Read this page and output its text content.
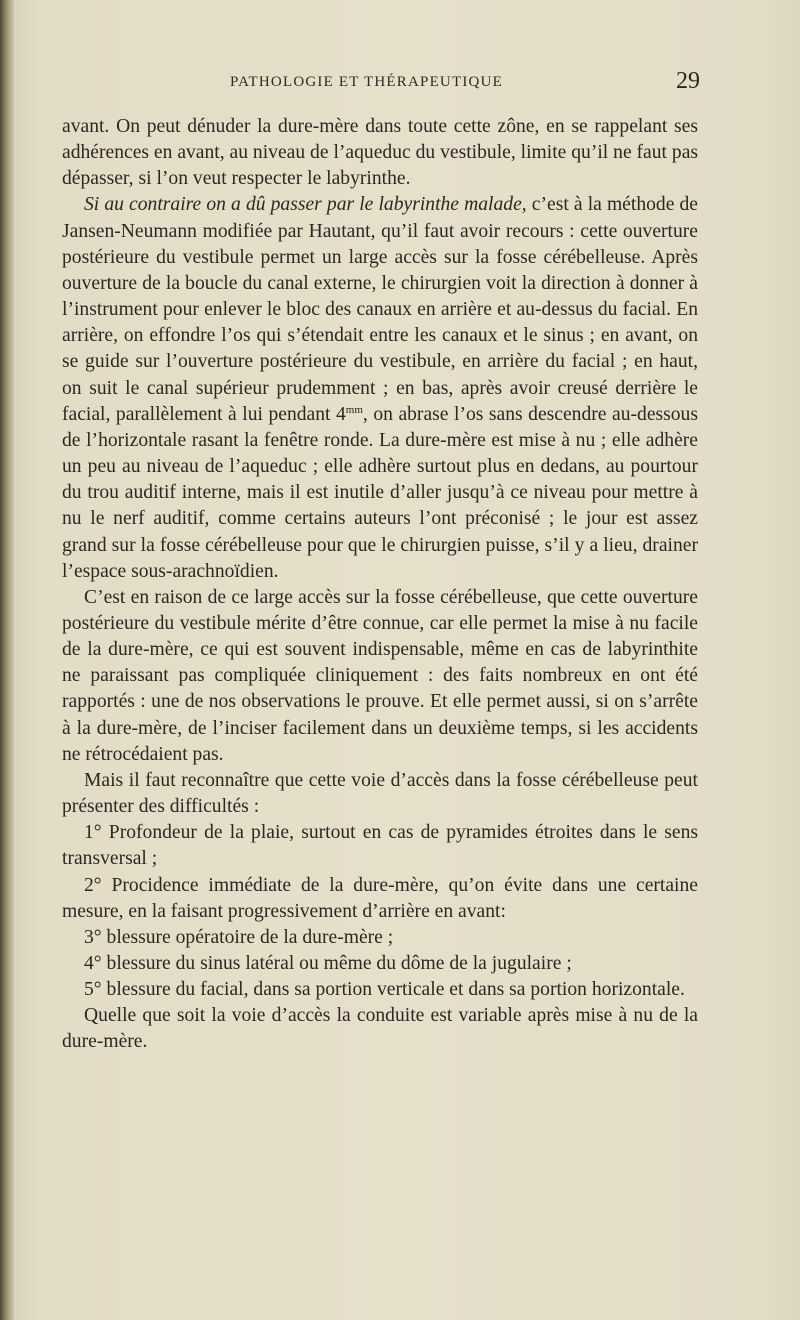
PATHOLOGIE ET THÉRAPEUTIQUE	29

avant. On peut dénuder la dure-mère dans toute cette zône, en se rappelant ses adhérences en avant, au niveau de l’aqueduc du vestibule, limite qu’il ne faut pas dépasser, si l’on veut respecter le labyrinthe.

Si au contraire on a dû passer par le labyrinthe malade, c’est à la méthode de Jansen-Neumann modifiée par Hautant, qu’il faut avoir recours : cette ouverture postérieure du vestibule permet un large accès sur la fosse cérébelleuse. Après ouverture de la boucle du canal externe, le chirurgien voit la direction à donner à l’instrument pour enlever le bloc des canaux en arrière et au-dessus du facial. En arrière, on effondre l’os qui s’étendait entre les canaux et le sinus ; en avant, on se guide sur l’ouverture postérieure du vestibule, en arrière du facial ; en haut, on suit le canal supérieur prudemment ; en bas, après avoir creusé derrière le facial, parallèlement à lui pendant $4^{mm}$, on abrase l’os sans descendre au-dessous de l’horizontale rasant la fenêtre ronde. La dure-mère est mise à nu ; elle adhère un peu au niveau de l’aqueduc ; elle adhère surtout plus en dedans, au pourtour du trou auditif interne, mais il est inutile d’aller jusqu’à ce niveau pour mettre à nu le nerf auditif, comme certains auteurs l’ont préconisé ; le jour est assez grand sur la fosse cérébelleuse pour que le chirurgien puisse, s’il y a lieu, drainer l’espace sous-arachnoïdien.

C’est en raison de ce large accès sur la fosse cérébelleuse, que cette ouverture postérieure du vestibule mérite d’être connue, car elle permet la mise à nu facile de la dure-mère, ce qui est souvent indispensable, même en cas de labyrinthite ne paraissant pas compliquée cliniquement : des faits nombreux en ont été rapportés : une de nos observations le prouve. Et elle permet aussi, si on s’arrête à la dure-mère, de l’inciser facilement dans un deuxième temps, si les accidents ne rétrocédaient pas.

Mais il faut reconnaître que cette voie d’accès dans la fosse cérébelleuse peut présenter des difficultés :

1° Profondeur de la plaie, surtout en cas de pyramides étroites dans le sens transversal ;

2° Procidence immédiate de la dure-mère, qu’on évite dans une certaine mesure, en la faisant progressivement d’arrière en avant:

3° blessure opératoire de la dure-mère ;

4° blessure du sinus latéral ou même du dôme de la jugulaire ;

5° blessure du facial, dans sa portion verticale et dans sa portion horizontale.

Quelle que soit la voie d’accès la conduite est variable après mise à nu de la dure-mère.
